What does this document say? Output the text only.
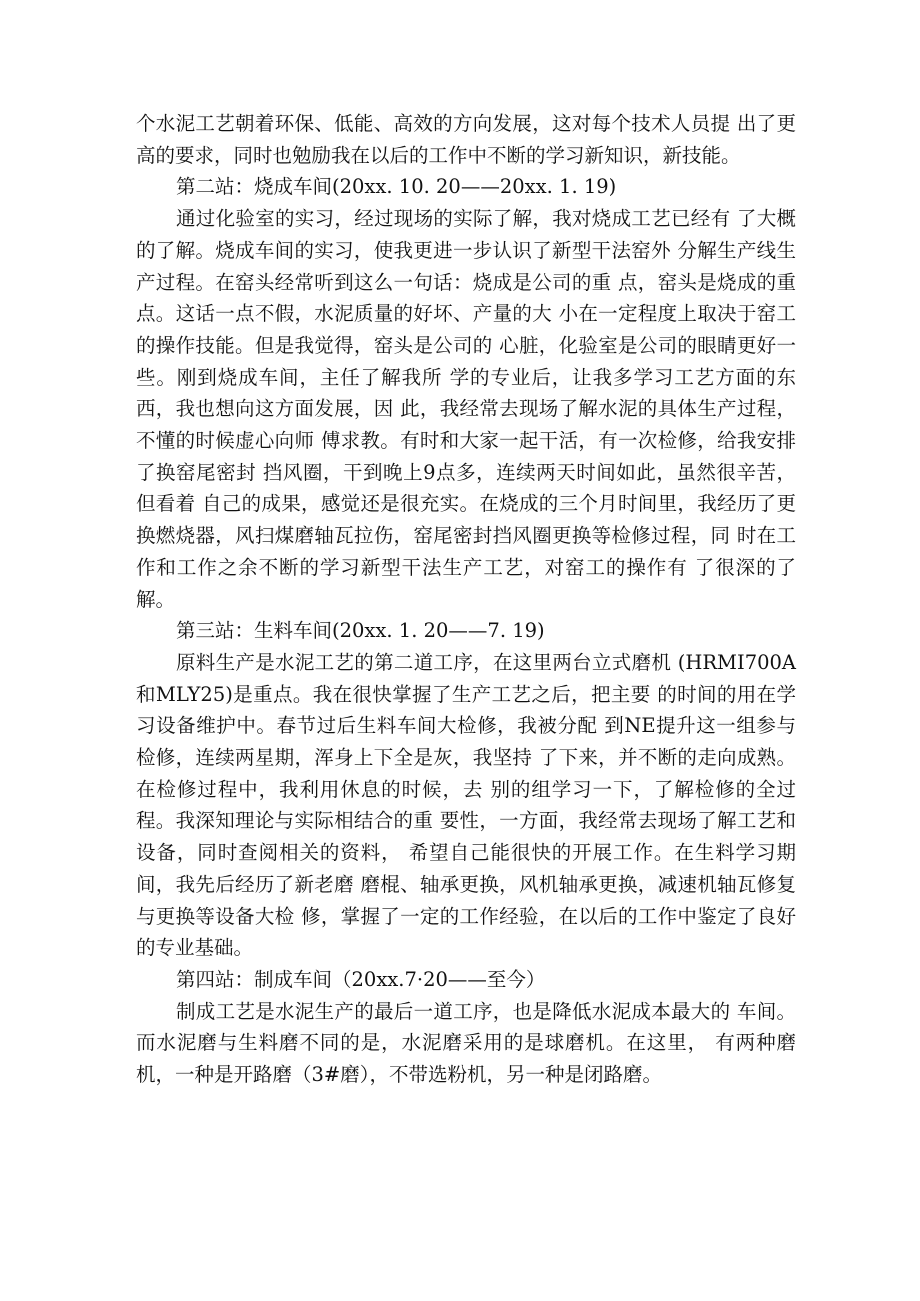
个水泥工艺朝着环保、低能、高效的方向发展，这对每个技术人员提 出了更高的要求，同时也勉励我在以后的工作中不断的学习新知识，新技能。

第二站：烧成车间(20xx. 10. 20——20xx. 1. 19)

通过化验室的实习，经过现场的实际了解，我对烧成工艺已经有 了大概的了解。烧成车间的实习，使我更进一步认识了新型干法窑外 分解生产线生产过程。在窑头经常听到这么一句话：烧成是公司的重 点，窑头是烧成的重点。这话一点不假，水泥质量的好坏、产量的大 小在一定程度上取决于窑工的操作技能。但是我觉得，窑头是公司的 心脏，化验室是公司的眼睛更好一些。刚到烧成车间，主任了解我所 学的专业后，让我多学习工艺方面的东西，我也想向这方面发展，因 此，我经常去现场了解水泥的具体生产过程，不懂的时候虚心向师 傅求教。有时和大家一起干活，有一次检修，给我安排了换窑尾密封 挡风圈，干到晚上9点多，连续两天时间如此，虽然很辛苦，但看着 自己的成果，感觉还是很充实。在烧成的三个月时间里，我经历了更 换燃烧器，风扫煤磨轴瓦拉伤，窑尾密封挡风圈更换等检修过程，同 时在工作和工作之余不断的学习新型干法生产工艺，对窑工的操作有 了很深的了解。

第三站：生料车间(20xx. 1. 20——7. 19)

原料生产是水泥工艺的第二道工序，在这里两台立式磨机 (HRMI700A和MLY25)是重点。我在很快掌握了生产工艺之后，把主要 的时间的用在学习设备维护中。春节过后生料车间大检修，我被分配 到NE提升这一组参与检修，连续两星期，浑身上下全是灰，我坚持 了下来，并不断的走向成熟。在检修过程中，我利用休息的时候，去 别的组学习一下，了解检修的全过程。我深知理论与实际相结合的重 要性，一方面，我经常去现场了解工艺和设备，同时查阅相关的资料， 希望自己能很快的开展工作。在生料学习期间，我先后经历了新老磨 磨棍、轴承更换，风机轴承更换，减速机轴瓦修复与更换等设备大检 修，掌握了一定的工作经验，在以后的工作中鉴定了良好的专业基础。

第四站：制成车间（20xx.7·20——至今）

制成工艺是水泥生产的最后一道工序，也是降低水泥成本最大的 车间。而水泥磨与生料磨不同的是，水泥磨采用的是球磨机。在这里， 有两种磨机，一种是开路磨（3#磨），不带选粉机，另一种是闭路磨。
